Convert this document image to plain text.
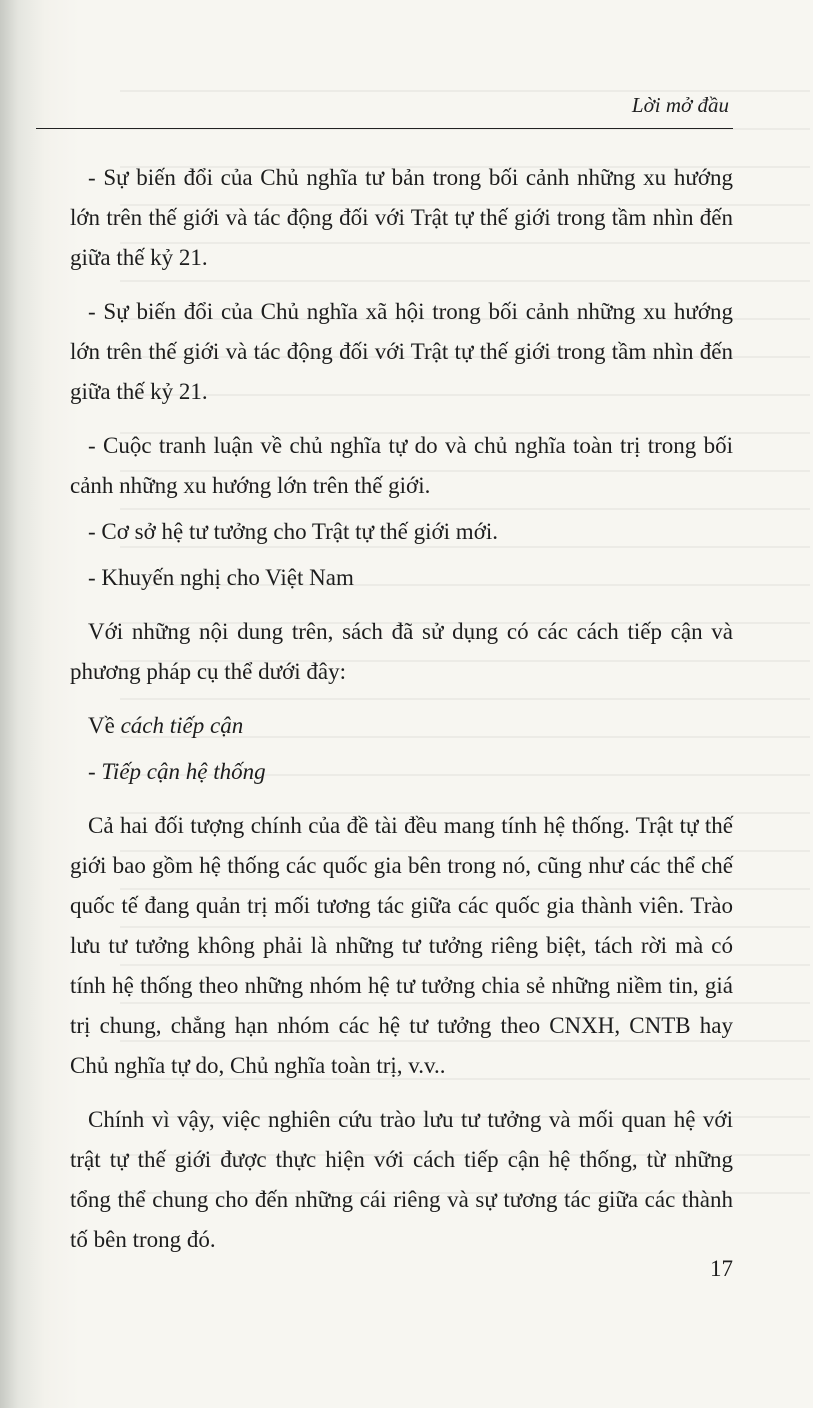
Lời mở đầu

- Sự biến đổi của Chủ nghĩa tư bản trong bối cảnh những xu hướng lớn trên thế giới và tác động đối với Trật tự thế giới trong tầm nhìn đến giữa thế kỷ 21.

- Sự biến đổi của Chủ nghĩa xã hội trong bối cảnh những xu hướng lớn trên thế giới và tác động đối với Trật tự thế giới trong tầm nhìn đến giữa thế kỷ 21.

- Cuộc tranh luận về chủ nghĩa tự do và chủ nghĩa toàn trị trong bối cảnh những xu hướng lớn trên thế giới.

- Cơ sở hệ tư tưởng cho Trật tự thế giới mới.

- Khuyến nghị cho Việt Nam

Với những nội dung trên, sách đã sử dụng có các cách tiếp cận và phương pháp cụ thể dưới đây:

Về cách tiếp cận

- Tiếp cận hệ thống

Cả hai đối tượng chính của đề tài đều mang tính hệ thống. Trật tự thế giới bao gồm hệ thống các quốc gia bên trong nó, cũng như các thể chế quốc tế đang quản trị mối tương tác giữa các quốc gia thành viên. Trào lưu tư tưởng không phải là những tư tưởng riêng biệt, tách rời mà có tính hệ thống theo những nhóm hệ tư tưởng chia sẻ những niềm tin, giá trị chung, chẳng hạn nhóm các hệ tư tưởng theo CNXH, CNTB hay Chủ nghĩa tự do, Chủ nghĩa toàn trị, v.v..

Chính vì vậy, việc nghiên cứu trào lưu tư tưởng và mối quan hệ với trật tự thế giới được thực hiện với cách tiếp cận hệ thống, từ những tổng thể chung cho đến những cái riêng và sự tương tác giữa các thành tố bên trong đó.

17
